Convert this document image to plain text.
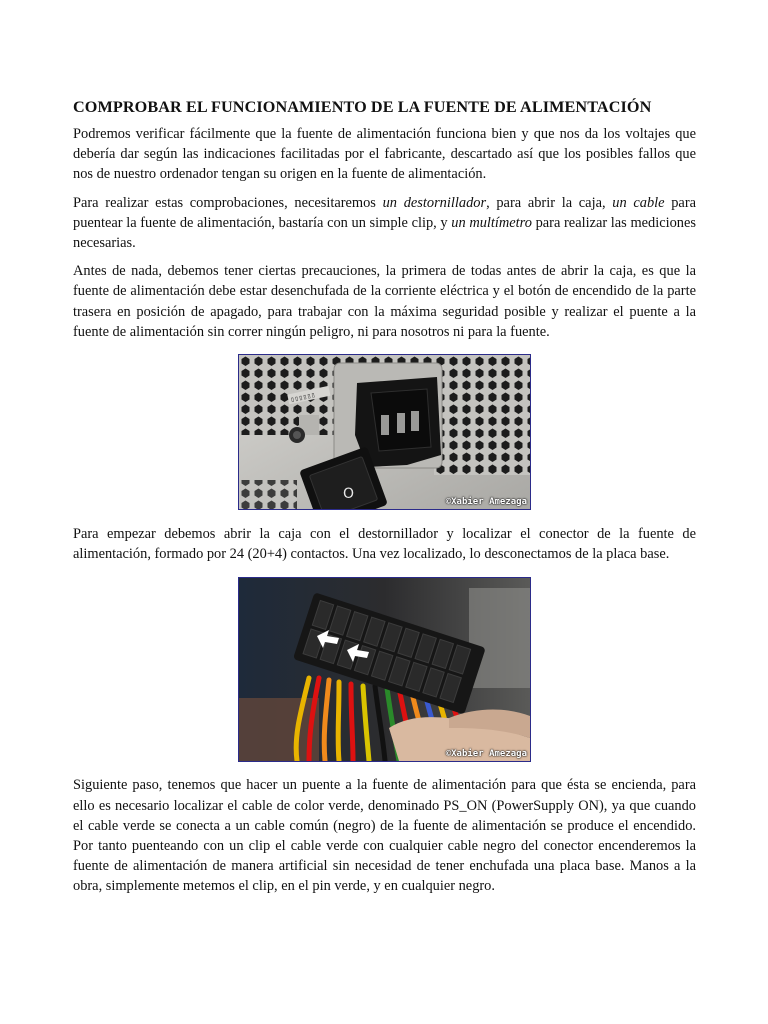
COMPROBAR EL FUNCIONAMIENTO DE LA FUENTE DE ALIMENTACIÓN

Podremos verificar fácilmente que la fuente de alimentación funciona bien y que nos da los voltajes que debería dar según las indicaciones facilitadas por el fabricante, descartado así que los posibles fallos que nos de nuestro ordenador tengan su origen en la fuente de alimentación.

Para realizar estas comprobaciones, necesitaremos un destornillador, para abrir la caja, un cable para puentear la fuente de alimentación, bastaría con un simple clip, y un multímetro para realizar las mediciones necesarias.

Antes de nada, debemos tener ciertas precauciones, la primera de todas antes de abrir la caja, es que la fuente de alimentación debe estar desenchufada de la corriente eléctrica y el botón de encendido de la parte trasera en posición de apagado, para trabajar con la máxima seguridad posible y realizar el puente a la fuente de alimentación sin correr ningún peligro, ni para nosotros ni para la fuente.

▯▯▯▯▯▯
O	©Xabier Amezaga

Para empezar debemos abrir la caja con el destornillador y localizar el conector de la fuente de alimentación, formado por 24 (20+4) contactos. Una vez localizado, lo desconectamos de la placa base.

©Xabier Amezaga

Siguiente paso, tenemos que hacer un puente a la fuente de alimentación para que ésta se encienda, para ello es necesario localizar el cable de color verde, denominado PS_ON (PowerSupply ON), ya que cuando el cable verde se conecta a un cable común (negro) de la fuente de alimentación se produce el encendido. Por tanto puenteando con un clip el cable verde con cualquier cable negro del conector encenderemos la fuente de alimentación de manera artificial sin necesidad de tener enchufada una placa base. Manos a la obra, simplemente metemos el clip, en el pin verde, y en cualquier negro.
